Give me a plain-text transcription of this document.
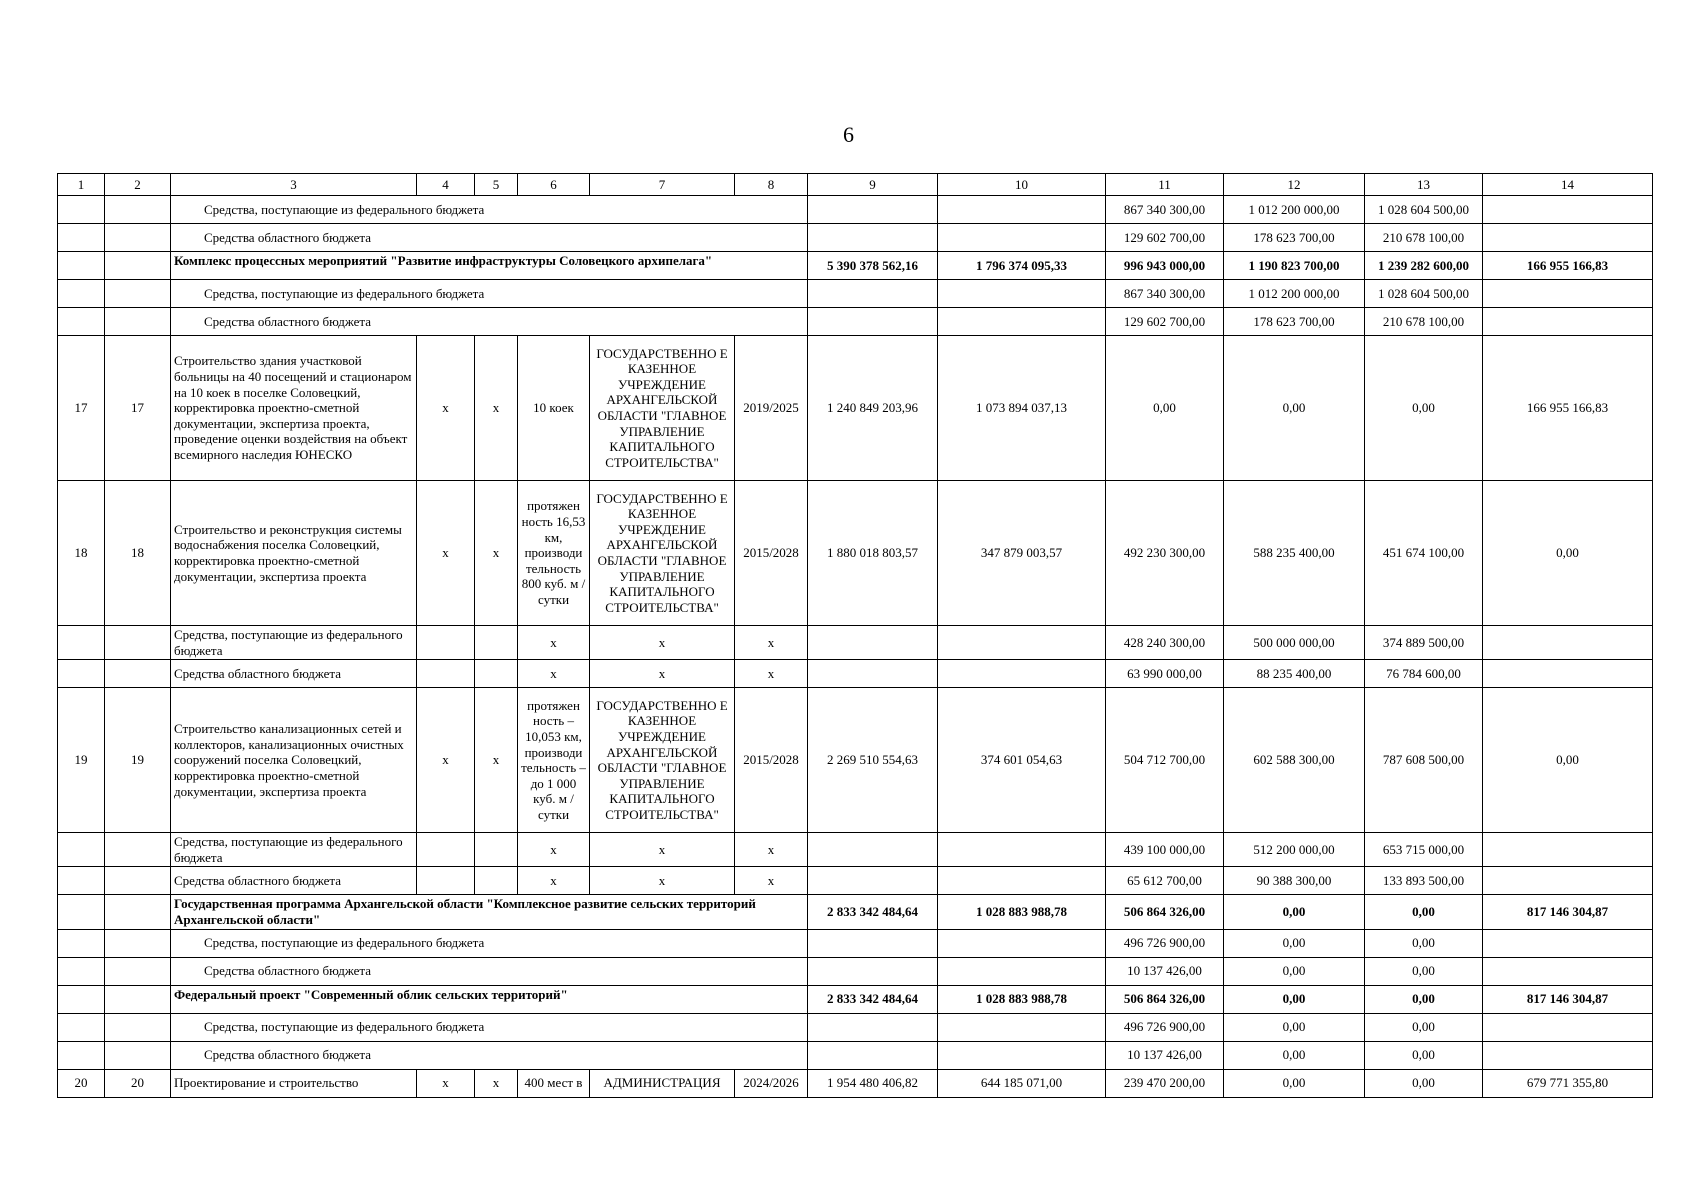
6
1	2	3	4	5	6	7	8	9	10	11	12	13	14
		Средства, поступающие из федерального бюджета								867 340 300,00	1 012 200 000,00	1 028 604 500,00	
		Средства областного бюджета								129 602 700,00	178 623 700,00	210 678 100,00	
		Комплекс процессных мероприятий "Развитие инфраструктуры Соловецкого архипелага"						5 390 378 562,16	1 796 374 095,33	996 943 000,00	1 190 823 700,00	1 239 282 600,00	166 955 166,83
		Средства, поступающие из федерального бюджета								867 340 300,00	1 012 200 000,00	1 028 604 500,00	
		Средства областного бюджета								129 602 700,00	178 623 700,00	210 678 100,00	
17	17	Строительство здания участковой больницы на 40 посещений и стационаром на 10 коек в поселке Соловецкий, корректировка проектно-сметной документации, экспертиза проекта, проведение оценки воздействия на объект всемирного наследия ЮНЕСКО	x	x	10 коек	ГОСУДАРСТВЕННО Е КАЗЕННОЕ УЧРЕЖДЕНИЕ АРХАНГЕЛЬСКОЙ ОБЛАСТИ "ГЛАВНОЕ УПРАВЛЕНИЕ КАПИТАЛЬНОГО СТРОИТЕЛЬСТВА"	2019/2025	1 240 849 203,96	1 073 894 037,13	0,00	0,00	0,00	166 955 166,83
18	18	Строительство и реконструкция системы водоснабжения поселка Соловецкий, корректировка проектно-сметной документации, экспертиза проекта	x	x	протяжен ность 16,53 км, производи тельность 800 куб. м / сутки	ГОСУДАРСТВЕННО Е КАЗЕННОЕ УЧРЕЖДЕНИЕ АРХАНГЕЛЬСКОЙ ОБЛАСТИ "ГЛАВНОЕ УПРАВЛЕНИЕ КАПИТАЛЬНОГО СТРОИТЕЛЬСТВА"	2015/2028	1 880 018 803,57	347 879 003,57	492 230 300,00	588 235 400,00	451 674 100,00	0,00
		Средства, поступающие из федерального бюджета			x	x	x			428 240 300,00	500 000 000,00	374 889 500,00	
		Средства областного бюджета			x	x	x			63 990 000,00	88 235 400,00	76 784 600,00	
19	19	Строительство канализационных сетей и коллекторов, канализационных очистных сооружений поселка Соловецкий, корректировка проектно-сметной документации, экспертиза проекта	x	x	протяжен ность – 10,053 км, производи тельность – до 1 000 куб. м / сутки	ГОСУДАРСТВЕННО Е КАЗЕННОЕ УЧРЕЖДЕНИЕ АРХАНГЕЛЬСКОЙ ОБЛАСТИ "ГЛАВНОЕ УПРАВЛЕНИЕ КАПИТАЛЬНОГО СТРОИТЕЛЬСТВА"	2015/2028	2 269 510 554,63	374 601 054,63	504 712 700,00	602 588 300,00	787 608 500,00	0,00
		Средства, поступающие из федерального бюджета			x	x	x			439 100 000,00	512 200 000,00	653 715 000,00	
		Средства областного бюджета			x	x	x			65 612 700,00	90 388 300,00	133 893 500,00	
		Государственная программа Архангельской области "Комплексное развитие сельских территорий Архангельской области"						2 833 342 484,64	1 028 883 988,78	506 864 326,00	0,00	0,00	817 146 304,87
		Средства, поступающие из федерального бюджета								496 726 900,00	0,00	0,00	
		Средства областного бюджета								10 137 426,00	0,00	0,00	
		Федеральный проект "Современный облик сельских территорий"						2 833 342 484,64	1 028 883 988,78	506 864 326,00	0,00	0,00	817 146 304,87
		Средства, поступающие из федерального бюджета								496 726 900,00	0,00	0,00	
		Средства областного бюджета								10 137 426,00	0,00	0,00	
20	20	Проектирование и строительство	x	x	400 мест в	АДМИНИСТРАЦИЯ	2024/2026	1 954 480 406,82	644 185 071,00	239 470 200,00	0,00	0,00	679 771 355,80
